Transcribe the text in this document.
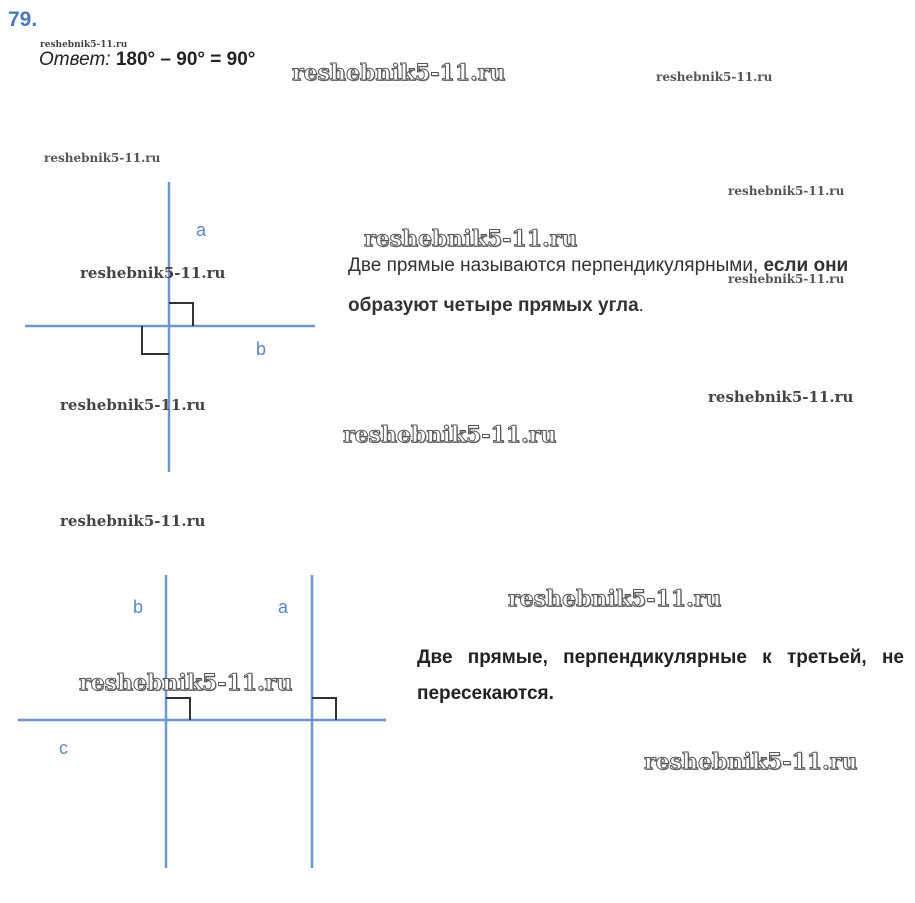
79.
Ответ: 180° – 90° = 90°
a
b
b	a
c

Две прямые называются перпендикулярными, если они образуют четыре прямых угла.

Две прямые, перпендикулярные к третьей, не пересекаются.

reshebnik5-11.ru
reshebnik5-11.ru	reshebnik5-11.ru
reshebnik5-11.ru
reshebnik5-11.ru
reshebnik5-11.ru
reshebnik5-11.ru	reshebnik5-11.ru
reshebnik5-11.ru
reshebnik5-11.ru
reshebnik5-11.ru
reshebnik5-11.ru
reshebnik5-11.ru
reshebnik5-11.ru
reshebnik5-11.ru
